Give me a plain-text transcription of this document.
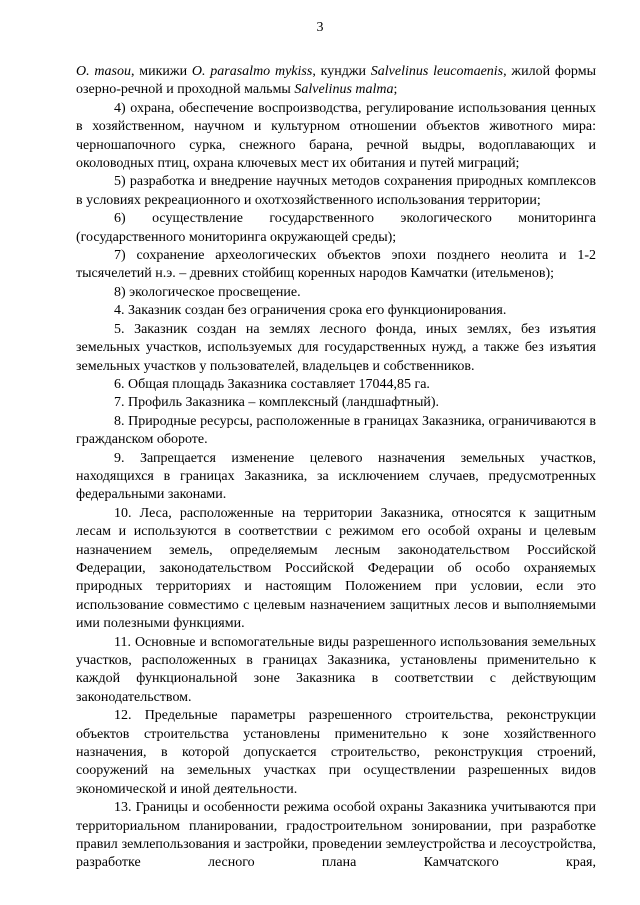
3

O. masou, микижи O. parasalmo mykiss, кунджи Salvelinus leucomaenis, жилой формы озерно-речной и проходной мальмы Salvelinus malma;

4) охрана, обеспечение воспроизводства, регулирование использования ценных в хозяйственном, научном и культурном отношении объектов животного мира: черношапочного сурка, снежного барана, речной выдры, водоплавающих и околоводных птиц, охрана ключевых мест их обитания и путей миграций;

5) разработка и внедрение научных методов сохранения природных комплексов в условиях рекреационного и охотхозяйственного использования территории;

6) осуществление государственного экологического мониторинга (государственного мониторинга окружающей среды);

7) сохранение археологических объектов эпохи позднего неолита и 1-2 тысячелетий н.э. – древних стойбищ коренных народов Камчатки (ительменов);

8) экологическое просвещение.

4. Заказник создан без ограничения срока его функционирования.

5. Заказник создан на землях лесного фонда, иных землях, без изъятия земельных участков, используемых для государственных нужд, а также без изъятия земельных участков у пользователей, владельцев и собственников.

6. Общая площадь Заказника составляет 17044,85 га.

7. Профиль Заказника – комплексный (ландшафтный).

8. Природные ресурсы, расположенные в границах Заказника, ограничиваются в гражданском обороте.

9. Запрещается изменение целевого назначения земельных участков, находящихся в границах Заказника, за исключением случаев, предусмотренных федеральными законами.

10. Леса, расположенные на территории Заказника, относятся к защитным лесам и используются в соответствии с режимом его особой охраны и целевым назначением земель, определяемым лесным законодательством Российской Федерации, законодательством Российской Федерации об особо охраняемых природных территориях и настоящим Положением при условии, если это использование совместимо с целевым назначением защитных лесов и выполняемыми ими полезными функциями.

11. Основные и вспомогательные виды разрешенного использования земельных участков, расположенных в границах Заказника, установлены применительно к каждой функциональной зоне Заказника в соответствии с действующим законодательством.

12. Предельные параметры разрешенного строительства, реконструкции объектов строительства установлены применительно к зоне хозяйственного назначения, в которой допускается строительство, реконструкция строений, сооружений на земельных участках при осуществлении разрешенных видов экономической и иной деятельности.

13. Границы и особенности режима особой охраны Заказника учитываются при территориальном планировании, градостроительном зонировании, при разработке правил землепользования и застройки, проведении землеустройства и лесоустройства, разработке лесного плана Камчатского края,
